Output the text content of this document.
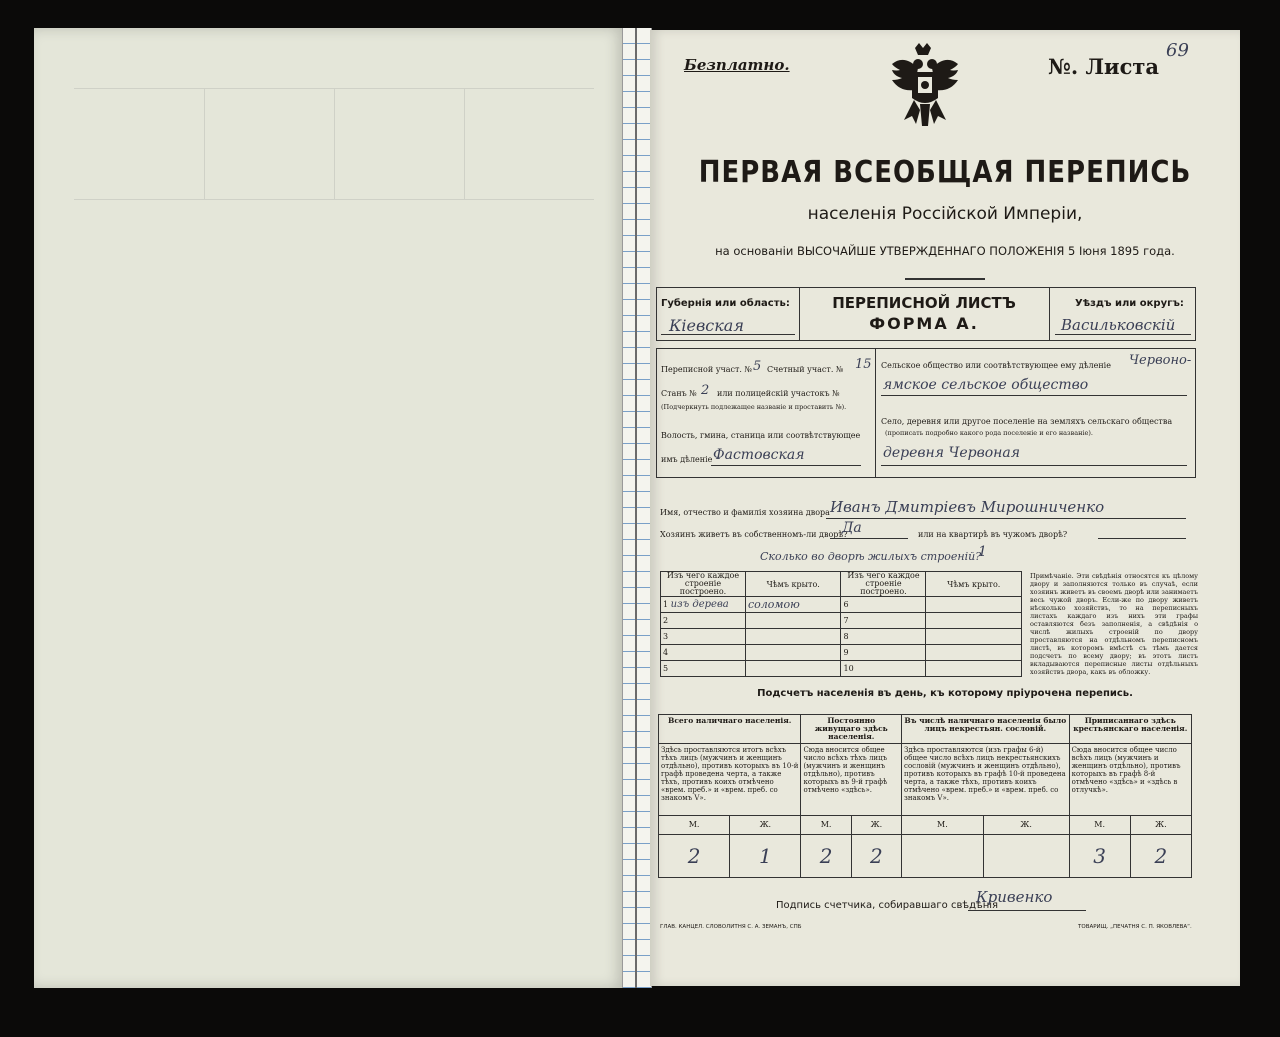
Безплатно.	№. Листа
69
ПЕРВАЯ ВСЕОБЩАЯ ПЕРЕПИСЬ
населенія Россійской Имперіи,
на основаніи ВЫСОЧАЙШЕ УТВЕРЖДЕННАГО ПОЛОЖЕНІЯ 5 Іюня 1895 года.
Губернія или область:
Кіевская
ПЕРЕПИСНОЙ ЛИСТЪ
ФОРМА А.
Уѣздъ или округъ:
Васильковскій
Переписной участ. № 5 Счетный участ. № 15
Станъ № 2 или полицейскій участокъ №
(Подчеркнуть подлежащее названіе и проставить №).
Волость, гмина, станица или соотвѣтствующее
имъ дѣленіе Фастовская
Сельское общество или соотвѣтствующее ему дѣленіе Червоно-
ямское сельское общество
Село, деревня или другое поселеніе на земляхъ сельскаго общества
(прописать подробно какого рода поселеніе и его названіе).
деревня Червоная
Имя, отчество и фамилія хозяина двора Иванъ Дмитріевъ Мирошниченко
Хозяинъ живетъ въ собственномъ-ли дворѣ?
Да	или на квартирѣ въ чужомъ дворѣ?
Сколько во дворѣ жилыхъ строеній?
1
Изъ чего каждое строеніе построено.	Чѣмъ крыто.	Изъ чего каждое строеніе построено.	Чѣмъ крыто.
1 изъ дерева	соломою	6	
2		7	
3		8	
4		9	
5		10	
Примѣчаніе. Эти свѣдѣнія относятся къ цѣлому двору и заполняются только въ случаѣ, если хозяинъ живетъ въ своемъ дворѣ или занимаетъ весь чужой дворъ. Если-же по двору живетъ нѣсколько хозяйствъ, то на переписныхъ листахъ каждаго изъ нихъ эти графы оставляются безъ заполненія, а свѣдѣнія о числѣ жилыхъ строеній по двору проставляются на отдѣльномъ переписномъ листѣ, въ которомъ вмѣстѣ съ тѣмъ дается подсчетъ по всему двору; въ этотъ листъ вкладываются переписные листы отдѣльныхъ хозяйствъ двора, какъ въ обложку.
Подсчетъ населенія въ день, къ которому пріурочена перепись.
Всего наличнаго населенія.		Постоянно живущаго здѣсь населенія.		Въ числѣ наличнаго населенія было лицъ некрестьян. сословій.		Приписаннаго здѣсь крестьянскаго населенія.	
Здѣсь проставляются итогъ всѣхъ тѣхъ лицъ (мужчинъ и женщинъ отдѣльно), противъ которыхъ въ 10-й графѣ проведена черта, а также тѣхъ, противъ коихъ отмѣчено «врем. преб.» и «врем. преб. со знакомъ V».		Сюда вносится общее число всѣхъ тѣхъ лицъ (мужчинъ и женщинъ отдѣльно), противъ которыхъ въ 9-й графѣ отмѣчено «здѣсь».		Здѣсь проставляются (изъ графы 6-й) общее число всѣхъ лицъ некрестьянскихъ сословій (мужчинъ и женщинъ отдѣльно), противъ которыхъ въ графѣ 10-й проведена черта, а также тѣхъ, противъ коихъ отмѣчено «врем. преб.» и «врем. преб. со знакомъ V».		Сюда вносится общее число всѣхъ лицъ (мужчинъ и женщинъ отдѣльно), противъ которыхъ въ графѣ 8-й отмѣчено «здѣсь» и «здѣсь в отлучкѣ».	
М.	Ж.	М.	Ж.	М.	Ж.	М.	Ж.
2	1	2	2			3	2
Подпись счетчика, собиравшаго свѣдѣнія
Кривенко
ГЛАВ. КАНЦЕЛ. СЛОВОЛИТНЯ С. А. ЗЕМАНЪ, СПБ	ТОВАРИЩ. „ПЕЧАТНЯ С. П. ЯКОВЛЕВА“.
